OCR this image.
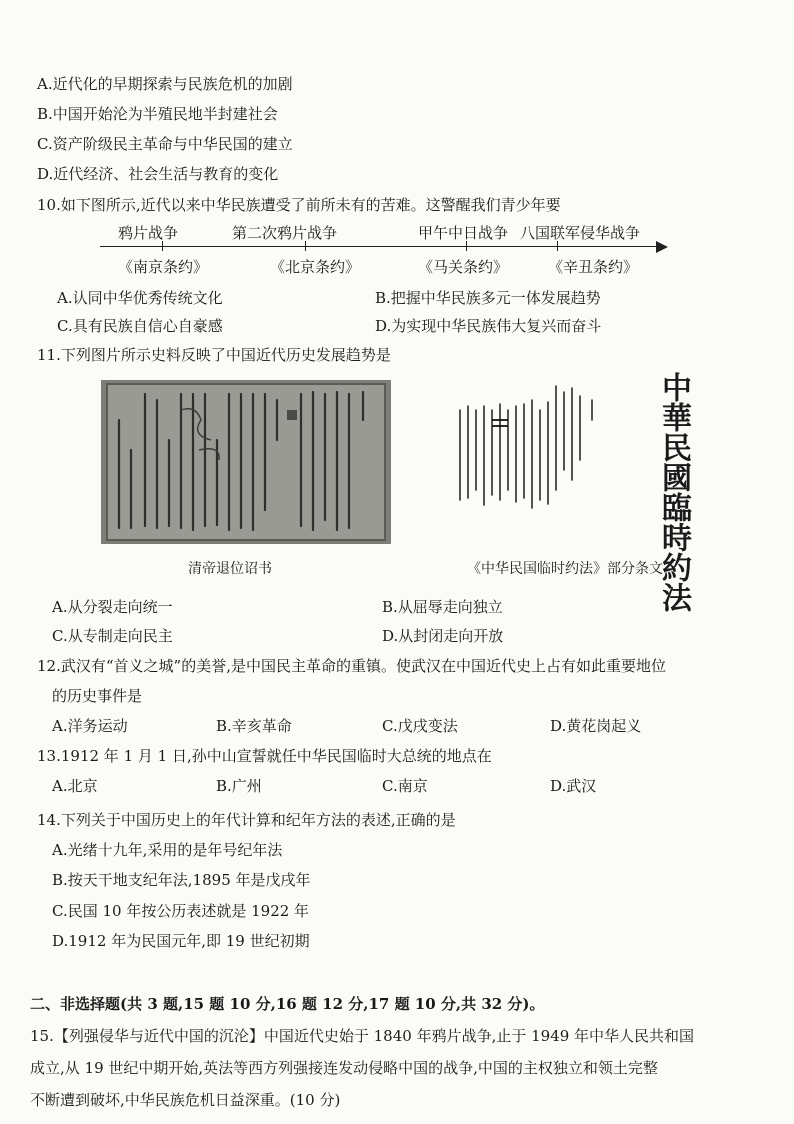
A.近代化的早期探索与民族危机的加剧
B.中国开始沦为半殖民地半封建社会
C.资产阶级民主革命与中华民国的建立
D.近代经济、社会生活与教育的变化
10.如下图所示,近代以来中华民族遭受了前所未有的苦难。这警醒我们青少年要
鸦片战争	第二次鸦片战争	甲午中日战争 八国联军侵华战争
《南京条约》	《北京条约》	《马关条约》	《辛丑条约》
A.认同中华优秀传统文化	B.把握中华民族多元一体发展趋势
C.具有民族自信心自豪感	D.为实现中华民族伟大复兴而奋斗
11.下列图片所示史料反映了中国近代历史发展趋势是
清帝退位诏书	中華民國臨時約法
《中华民国临时约法》部分条文
A.从分裂走向统一	B.从屈辱走向独立
C.从专制走向民主	D.从封闭走向开放
12.武汉有“首义之城”的美誉,是中国民主革命的重镇。使武汉在中国近代史上占有如此重要地位
的历史事件是
A.洋务运动	B.辛亥革命	C.戊戌变法	D.黄花岗起义
13.1912 年 1 月 1 日,孙中山宣誓就任中华民国临时大总统的地点在
A.北京	B.广州	C.南京	D.武汉
14.下列关于中国历史上的年代计算和纪年方法的表述,正确的是
A.光绪十九年,采用的是年号纪年法
B.按天干地支纪年法,1895 年是戊戌年
C.民国 10 年按公历表述就是 1922 年
D.1912 年为民国元年,即 19 世纪初期
二、非选择题(共 3 题,15 题 10 分,16 题 12 分,17 题 10 分,共 32 分)。
15.【列强侵华与近代中国的沉沦】中国近代史始于 1840 年鸦片战争,止于 1949 年中华人民共和国
成立,从 19 世纪中期开始,英法等西方列强接连发动侵略中国的战争,中国的主权独立和领土完整
不断遭到破坏,中华民族危机日益深重。(10 分)
